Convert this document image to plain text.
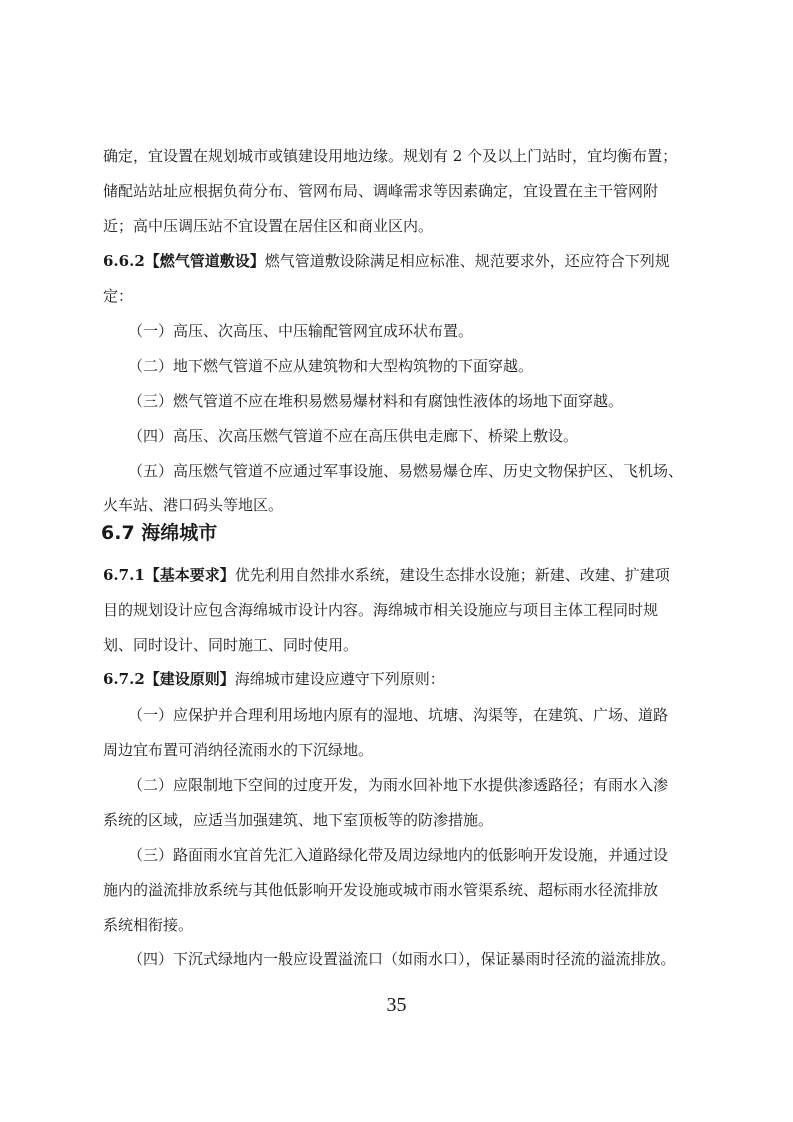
确定，宜设置在规划城市或镇建设用地边缘。规划有 2 个及以上门站时，宜均衡布置；
储配站站址应根据负荷分布、管网布局、调峰需求等因素确定，宜设置在主干管网附
近；高中压调压站不宜设置在居住区和商业区内。
6.6.2【燃气管道敷设】燃气管道敷设除满足相应标准、规范要求外，还应符合下列规
定：
（一）高压、次高压、中压输配管网宜成环状布置。
（二）地下燃气管道不应从建筑物和大型构筑物的下面穿越。
（三）燃气管道不应在堆积易燃易爆材料和有腐蚀性液体的场地下面穿越。
（四）高压、次高压燃气管道不应在高压供电走廊下、桥梁上敷设。
（五）高压燃气管道不应通过军事设施、易燃易爆仓库、历史文物保护区、飞机场、
火车站、港口码头等地区。
6.7 海绵城市
6.7.1【基本要求】优先利用自然排水系统，建设生态排水设施；新建、改建、扩建项
目的规划设计应包含海绵城市设计内容。海绵城市相关设施应与项目主体工程同时规
划、同时设计、同时施工、同时使用。
6.7.2【建设原则】海绵城市建设应遵守下列原则：
（一）应保护并合理利用场地内原有的湿地、坑塘、沟渠等，在建筑、广场、道路
周边宜布置可消纳径流雨水的下沉绿地。
（二）应限制地下空间的过度开发，为雨水回补地下水提供渗透路径；有雨水入渗
系统的区域，应适当加强建筑、地下室顶板等的防渗措施。
（三）路面雨水宜首先汇入道路绿化带及周边绿地内的低影响开发设施，并通过设
施内的溢流排放系统与其他低影响开发设施或城市雨水管渠系统、超标雨水径流排放
系统相衔接。
（四）下沉式绿地内一般应设置溢流口（如雨水口），保证暴雨时径流的溢流排放。
35
